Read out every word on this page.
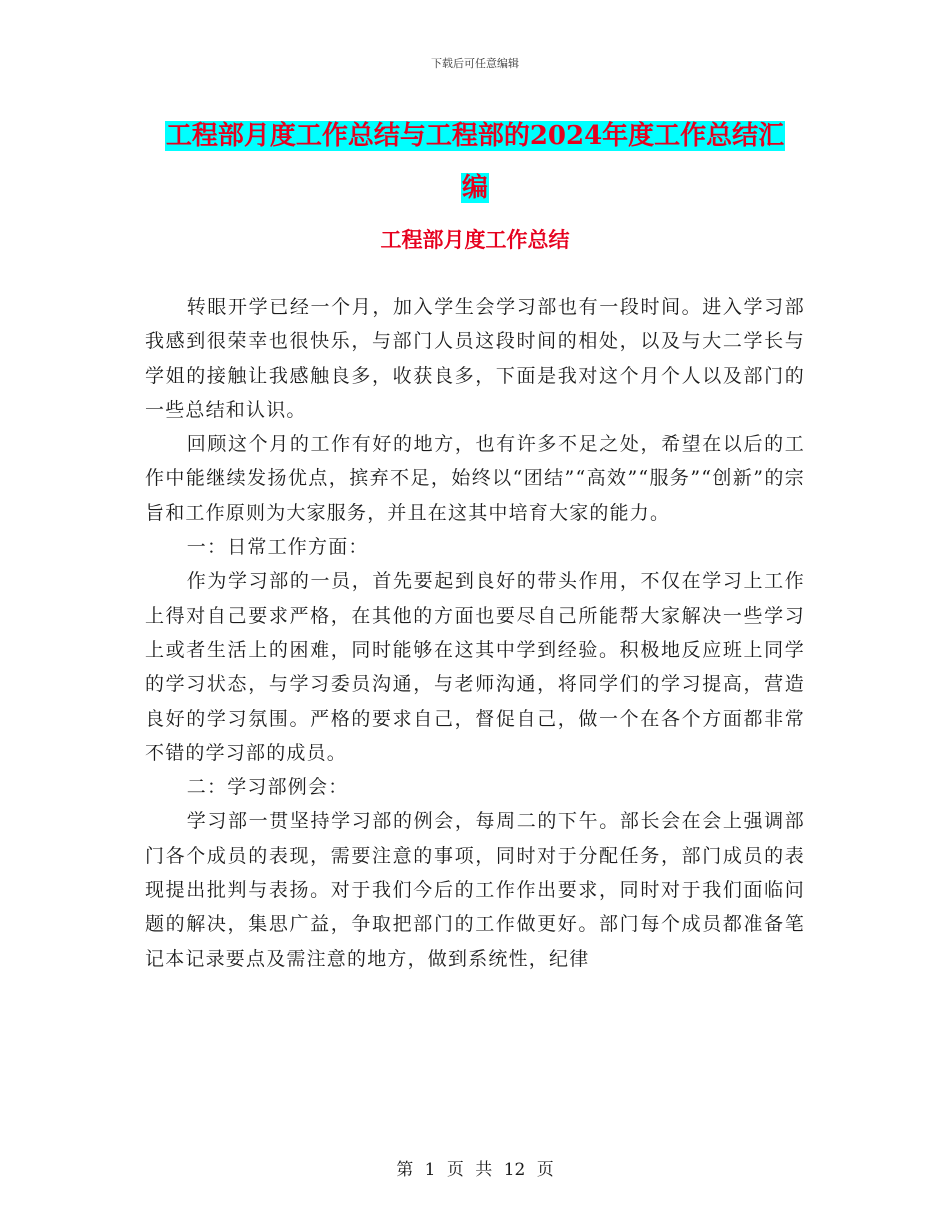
下载后可任意编辑
工程部月度工作总结与工程部的2024年度工作总结汇
编
工程部月度工作总结

转眼开学已经一个月，加入学生会学习部也有一段时间。进入学习部我感到很荣幸也很快乐，与部门人员这段时间的相处，以及与大二学长与学姐的接触让我感触良多，收获良多，下面是我对这个月个人以及部门的一些总结和认识。

回顾这个月的工作有好的地方，也有许多不足之处，希望在以后的工作中能继续发扬优点，摈弃不足，始终以“团结”“高效”“服务”“创新”的宗旨和工作原则为大家服务，并且在这其中培育大家的能力。

一：日常工作方面：

作为学习部的一员，首先要起到良好的带头作用，不仅在学习上工作上得对自己要求严格，在其他的方面也要尽自己所能帮大家解决一些学习上或者生活上的困难，同时能够在这其中学到经验。积极地反应班上同学的学习状态，与学习委员沟通，与老师沟通，将同学们的学习提高，营造良好的学习氛围。严格的要求自己，督促自己，做一个在各个方面都非常不错的学习部的成员。

二：学习部例会：

学习部一贯坚持学习部的例会，每周二的下午。部长会在会上强调部门各个成员的表现，需要注意的事项，同时对于分配任务，部门成员的表现提出批判与表扬。对于我们今后的工作作出要求，同时对于我们面临问题的解决，集思广益，争取把部门的工作做更好。部门每个成员都准备笔记本记录要点及需注意的地方，做到系统性，纪律

第 1 页 共 12 页
